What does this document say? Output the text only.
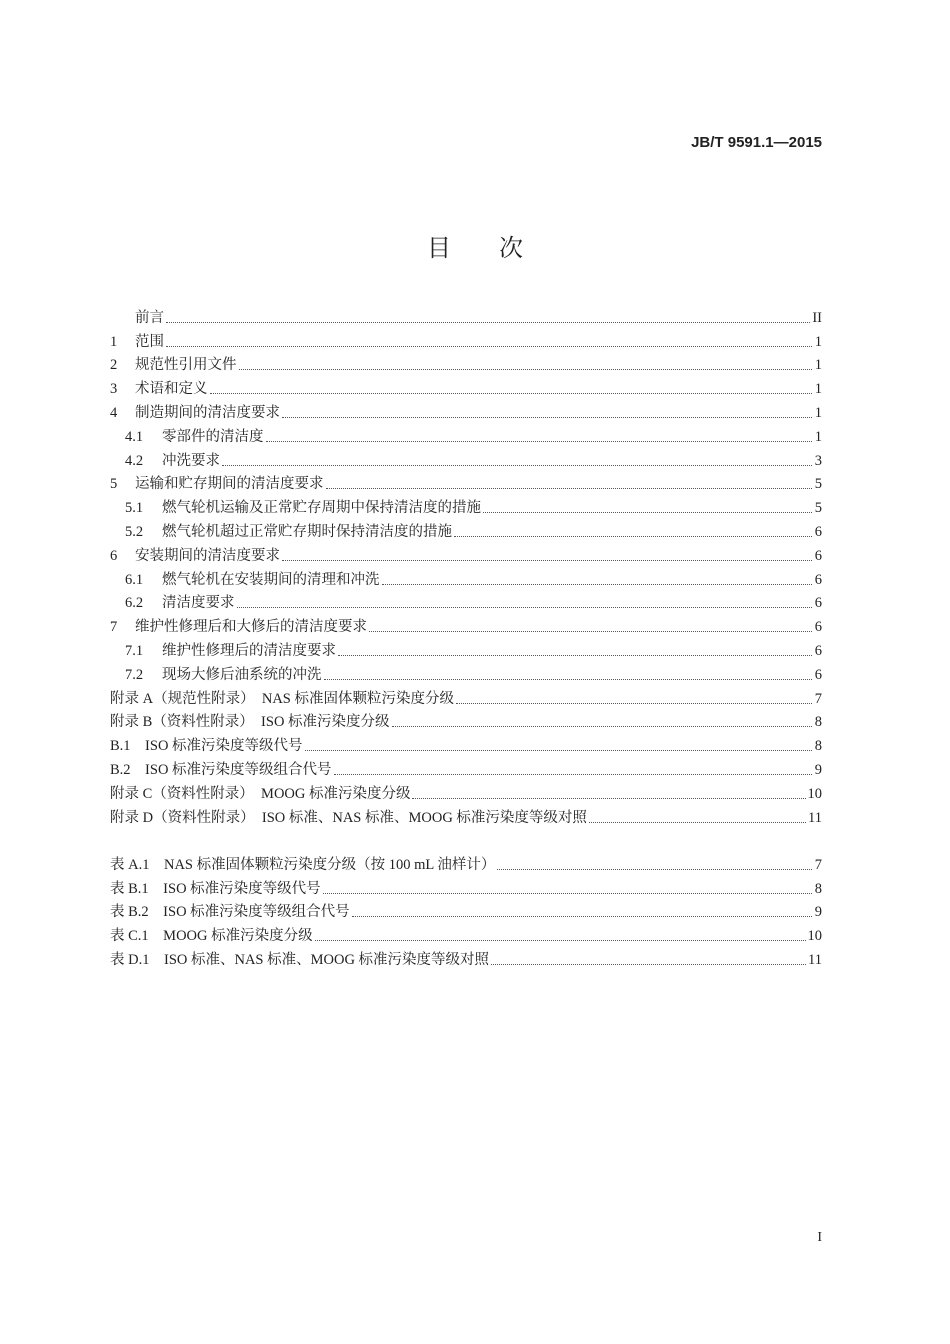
JB/T 9591.1—2015
目次
前言	II
1	范围	1
2	规范性引用文件	1
3	术语和定义	1
4	制造期间的清洁度要求	1
4.1	零部件的清洁度	1
4.2	冲洗要求	3
5	运输和贮存期间的清洁度要求	5
5.1	燃气轮机运输及正常贮存周期中保持清洁度的措施	5
5.2	燃气轮机超过正常贮存期时保持清洁度的措施	6
6	安装期间的清洁度要求	6
6.1	燃气轮机在安装期间的清理和冲洗	6
6.2	清洁度要求	6
7	维护性修理后和大修后的清洁度要求	6
7.1	维护性修理后的清洁度要求	6
7.2	现场大修后油系统的冲洗	6
附录 A（规范性附录）　 NAS 标准固体颗粒污染度分级	7
附录 B（资料性附录）　 ISO 标准污染度分级	8
B.1　 ISO 标准污染度等级代号	8
B.2　 ISO 标准污染度等级组合代号	9
附录 C（资料性附录）　 MOOG 标准污染度分级	10
附录 D（资料性附录）　 ISO 标准、NAS 标准、MOOG 标准污染度等级对照	11
表 A.1　 NAS 标准固体颗粒污染度分级（按 100 mL 油样计）	7
表 B.1　 ISO 标准污染度等级代号	8
表 B.2　 ISO 标准污染度等级组合代号	9
表 C.1　 MOOG 标准污染度分级	10
表 D.1　 ISO 标准、NAS 标准、MOOG 标准污染度等级对照	11
I
